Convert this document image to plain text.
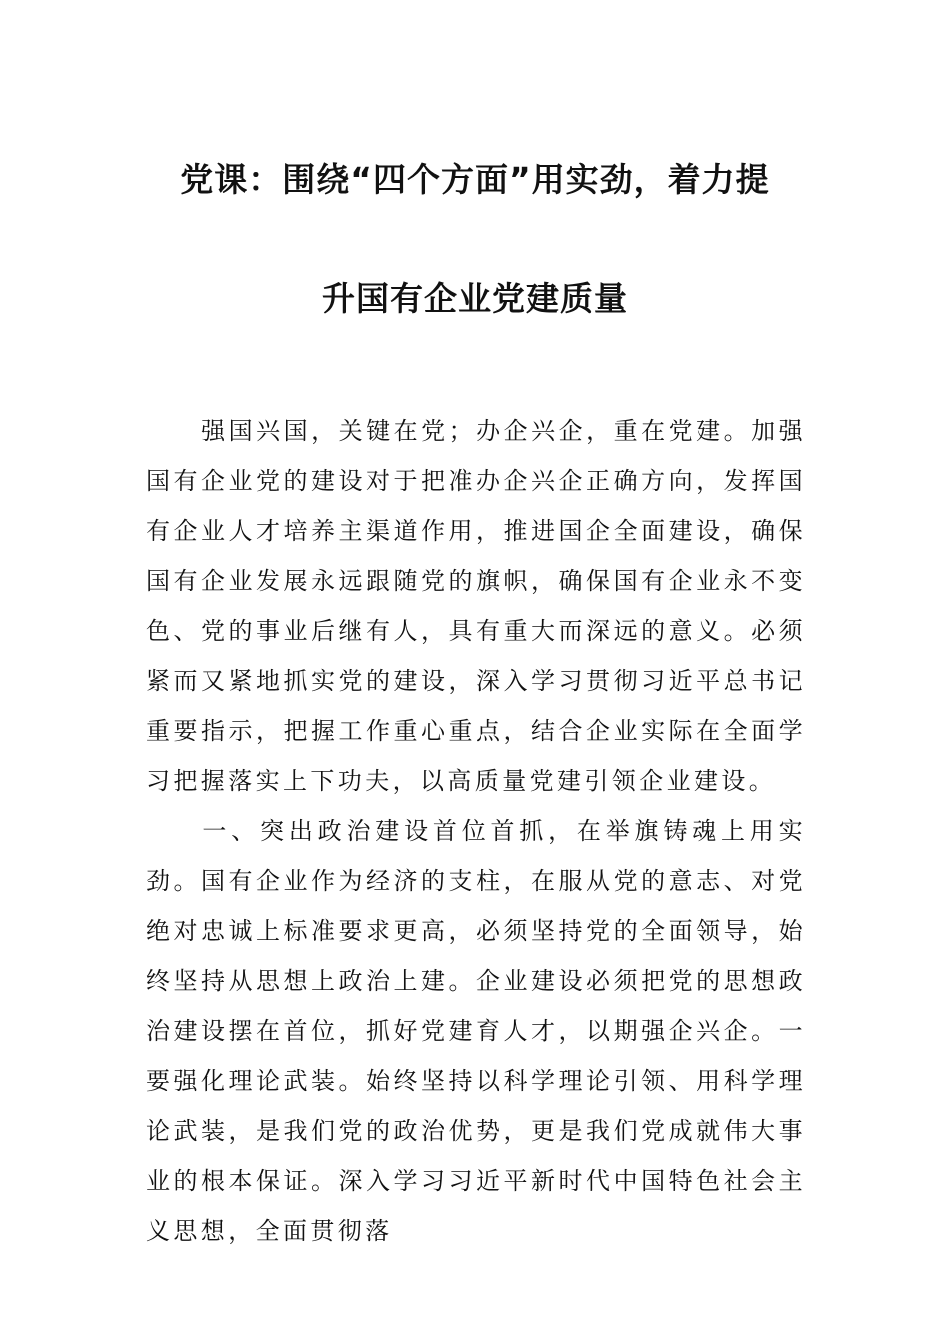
党课：围绕“四个方面”用实劲，着力提
升国有企业党建质量

强国兴国，关键在党；办企兴企，重在党建。加强国有企业党的建设对于把准办企兴企正确方向，发挥国有企业人才培养主渠道作用，推进国企全面建设，确保国有企业发展永远跟随党的旗帜，确保国有企业永不变色、党的事业后继有人，具有重大而深远的意义。必须紧而又紧地抓实党的建设，深入学习贯彻习近平总书记重要指示，把握工作重心重点，结合企业实际在全面学习把握落实上下功夫，以高质量党建引领企业建设。

一、突出政治建设首位首抓，在举旗铸魂上用实劲。国有企业作为经济的支柱，在服从党的意志、对党绝对忠诚上标准要求更高，必须坚持党的全面领导，始终坚持从思想上政治上建。企业建设必须把党的思想政治建设摆在首位，抓好党建育人才，以期强企兴企。一要强化理论武装。始终坚持以科学理论引领、用科学理论武装，是我们党的政治优势，更是我们党成就伟大事业的根本保证。深入学习习近平新时代中国特色社会主义思想，全面贯彻落
